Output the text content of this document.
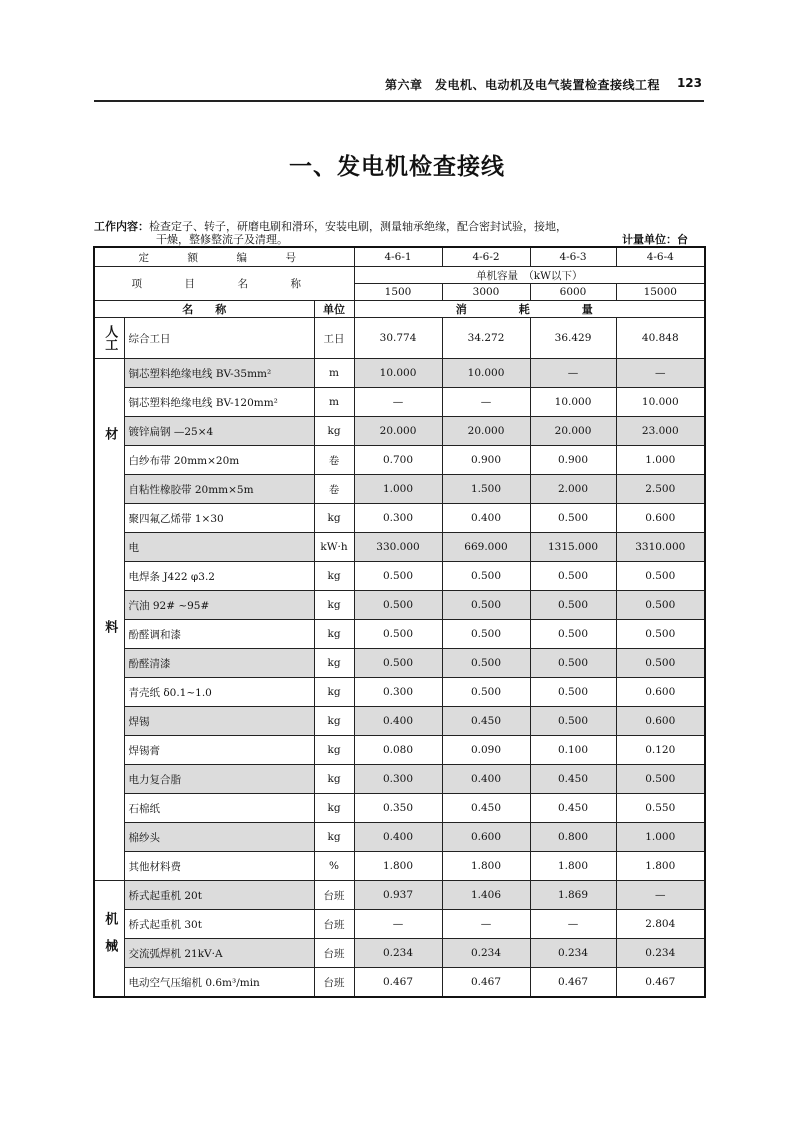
第六章　发电机、电动机及电气装置检查接线工程 123
一、发电机检查接线
工作内容：检查定子、转子，研磨电刷和滑环，安装电刷，测量轴承绝缘，配合密封试验，接地，
干燥，整修整流子及清理。	计量单位：台
定　额　编　号			4-6-1	4-6-2	4-6-3	4-6-4
项　目　名　称			单机容量　（kW以下）			
			1500	3000	6000	15000
名　　称		单位	消　　耗　　量			
人工	综合工日	工日	30.774	34.272	36.429	40.848
材料	铜芯塑料绝缘电线 BV-35mm²	m	10.000	10.000	—	—
	铜芯塑料绝缘电线 BV-120mm²	m	—	—	10.000	10.000
	镀锌扁钢 —25×4	kg	20.000	20.000	20.000	23.000
	白纱布带 20mm×20m	卷	0.700	0.900	0.900	1.000
	自粘性橡胶带 20mm×5m	卷	1.000	1.500	2.000	2.500
	聚四氟乙烯带 1×30	kg	0.300	0.400	0.500	0.600
	电	kW·h	330.000	669.000	1315.000	3310.000
	电焊条 J422 φ3.2	kg	0.500	0.500	0.500	0.500
	汽油 92# ~95#	kg	0.500	0.500	0.500	0.500
	酚醛调和漆	kg	0.500	0.500	0.500	0.500
	酚醛清漆	kg	0.500	0.500	0.500	0.500
	青壳纸 δ0.1~1.0	kg	0.300	0.500	0.500	0.600
	焊锡	kg	0.400	0.450	0.500	0.600
	焊锡膏	kg	0.080	0.090	0.100	0.120
	电力复合脂	kg	0.300	0.400	0.450	0.500
	石棉纸	kg	0.350	0.450	0.450	0.550
	棉纱头	kg	0.400	0.600	0.800	1.000
	其他材料费	%	1.800	1.800	1.800	1.800
机械	桥式起重机 20t	台班	0.937	1.406	1.869	—
	桥式起重机 30t	台班	—	—	—	2.804
	交流弧焊机 21kV·A	台班	0.234	0.234	0.234	0.234
	电动空气压缩机 0.6m³/min	台班	0.467	0.467	0.467	0.467
